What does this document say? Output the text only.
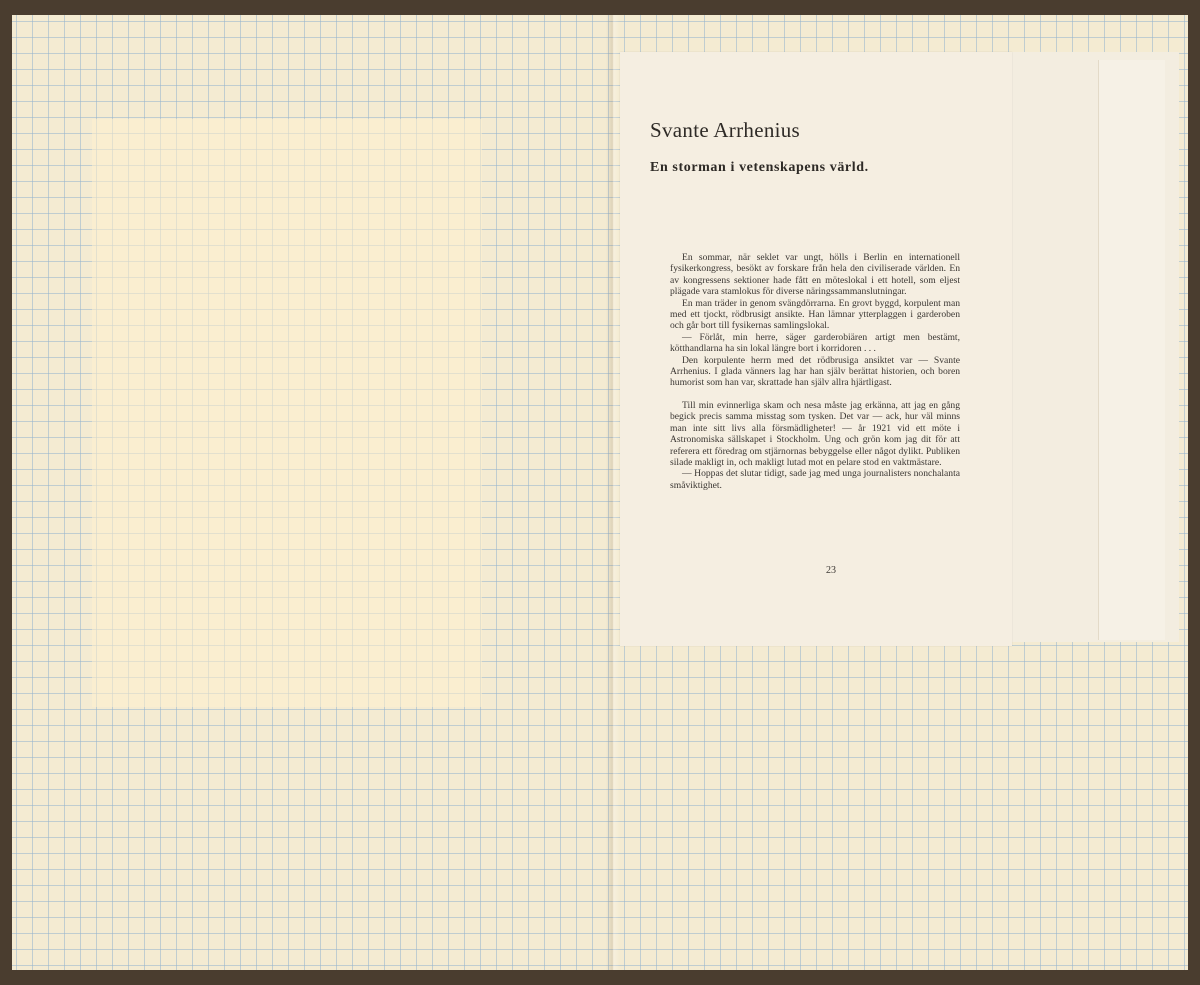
Svante Arrhenius
En storman i vetenskapens värld.

En sommar, när seklet var ungt, hölls i Berlin en internationell fysikerkongress, besökt av forskare från hela den civiliserade världen. En av kongressens sektioner hade fått en möteslokal i ett hotell, som eljest plägade vara stamlokus för diverse näringssammanslutningar.

En man träder in genom svängdörrarna. En grovt byggd, korpulent man med ett tjockt, rödbrusigt ansikte. Han lämnar ytterplaggen i garderoben och går bort till fysikernas samlingslokal.

— Förlåt, min herre, säger garderobiären artigt men bestämt, kötthandlarna ha sin lokal längre bort i korridoren . . .

Den korpulente herrn med det rödbrusiga ansiktet var — Svante Arrhenius. I glada vänners lag har han själv berättat historien, och boren humorist som han var, skrattade han själv allra hjärtligast.

Till min evinnerliga skam och nesa måste jag erkänna, att jag en gång begick precis samma misstag som tysken. Det var — ack, hur väl minns man inte sitt livs alla försmädligheter! — år 1921 vid ett möte i Astronomiska sällskapet i Stockholm. Ung och grön kom jag dit för att referera ett föredrag om stjärnornas bebyggelse eller något dylikt. Publiken silade makligt in, och makligt lutad mot en pelare stod en vaktmästare.

— Hoppas det slutar tidigt, sade jag med unga journalisters nonchalanta småviktighet.

23
